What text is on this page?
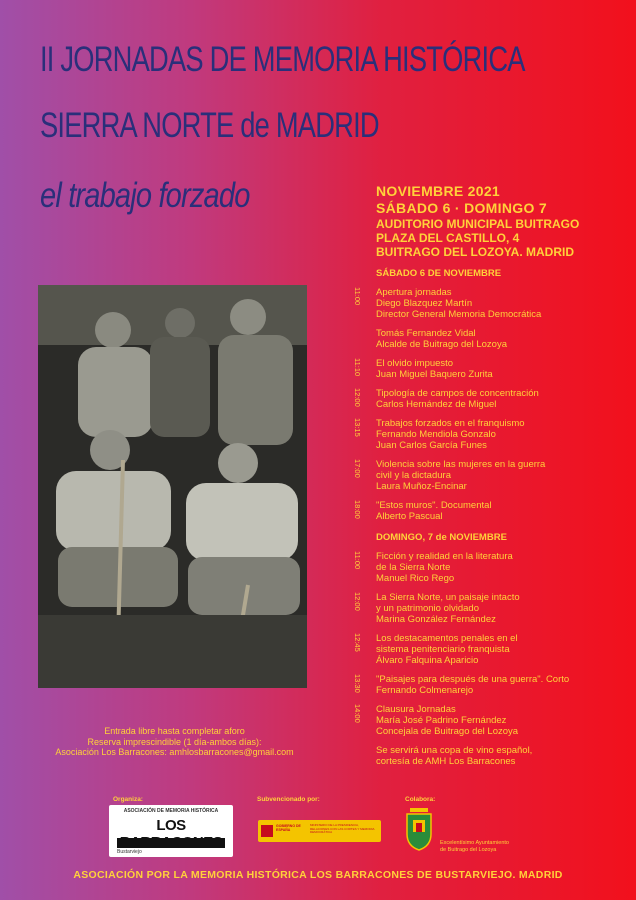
II JORNADAS DE MEMORIA HISTÓRICA
SIERRA NORTE de MADRID
el trabajo forzado	NOVIEMBRE 2021
SÁBADO 6 · DOMINGO 7
AUDITORIO MUNICIPAL BUITRAGO
PLAZA DEL CASTILLO, 4
BUITRAGO DEL LOZOYA. MADRID
SÁBADO 6 DE NOVIEMBRE
11:00 Apertura jornadas
Diego Blazquez Martín
Director General Memoria Democrática
Tomás Fernandez Vidal
Alcalde de Buitrago del Lozoya
11:10 El olvido impuesto
Juan Miguel Baquero Zurita
12:00 Tipología de campos de concentración
Carlos Hernández de Miguel
13:15 Trabajos forzados en el franquismo
Fernando Mendiola Gonzalo
Juan Carlos García Funes
17:00 Violencia sobre las mujeres en la guerra
civil y la dictadura
Laura Muñoz-Encinar
18:00 "Estos muros". Documental
Alberto Pascual
DOMINGO, 7 de NOVIEMBRE
11:00 Ficción y realidad en la literatura
de la Sierra Norte
Manuel Rico Rego
12:00 La Sierra Norte, un paisaje intacto
y un patrimonio olvidado
Marina González Fernández
12:45 Los destacamentos penales en el
sistema penitenciario franquista
Álvaro Falquina Aparicio
13:30 "Paisajes para después de una guerra". Corto
Fernando Colmenarejo
14:00 Clausura Jornadas
María José Padrino Fernández
Concejala de Buitrago del Lozoya
Se servirá una copa de vino español,
cortesía de AMH Los Barracones
Entrada libre hasta completar aforo
Reserva imprescindible (1 día-ambos días):
Asociación Los Barracones: amhlosbarracones@gmail.com
Organiza:
ASOCIACIÓN DE MEMORIA HISTÓRICA
LOS
Bustarviejo
Subvencionado por:
GOBIERNO DE ESPAÑA
MINISTERIO DE LA PRESIDENCIA, RELACIONES CON LAS CORTES Y MEMORIA DEMOCRÁTICA
Colabora:
Excelentísimo Ayuntamiento
de Buitrago del Lozoya
ASOCIACIÓN POR LA MEMORIA HISTÓRICA LOS BARRACONES DE BUSTARVIEJO. MADRID
